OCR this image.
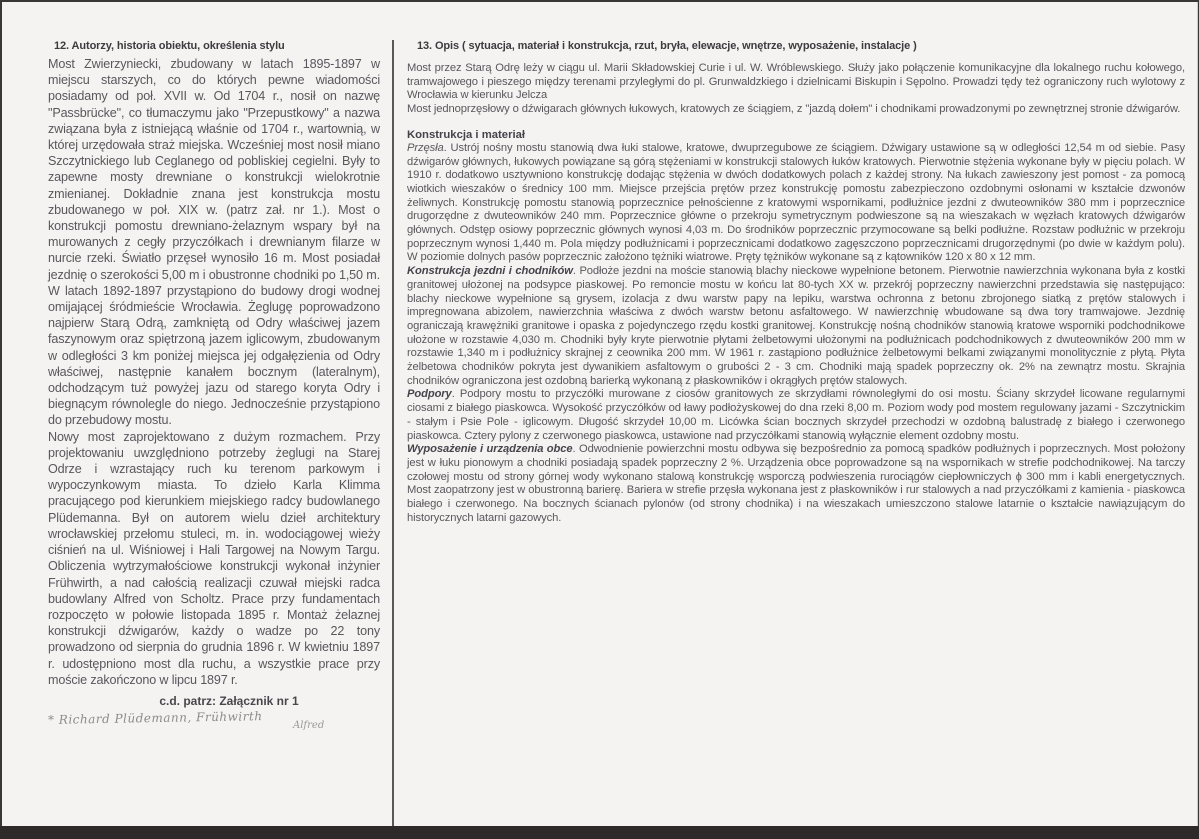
12. Autorzy, historia obiektu, określenia stylu

Most Zwierzyniecki, zbudowany w latach 1895-1897 w miejscu starszych, co do których pewne wiadomości posiadamy od poł. XVII w. Od 1704 r., nosił on nazwę "Passbrücke", co tłumaczymu jako "Przepustkowy" a nazwa związana była z istniejącą właśnie od 1704 r., wartownią, w której urzędowała straż miejska. Wcześniej most nosił miano Szczytnickiego lub Ceglanego od pobliskiej cegielni. Były to zapewne mosty drewniane o konstrukcji wielokrotnie zmienianej. Dokładnie znana jest konstrukcja mostu zbudowanego w poł. XIX w. (patrz zał. nr 1.). Most o konstrukcji pomostu drewniano-żelaznym wspary był na murowanych z cegły przyczółkach i drewnianym filarze w nurcie rzeki. Światło przęseł wynosiło 16 m. Most posiadał jezdnię o szerokości 5,00 m i obustronne chodniki po 1,50 m.

W latach 1892-1897 przystąpiono do budowy drogi wodnej omijającej śródmieście Wrocławia. Żeglugę poprowadzono najpierw Starą Odrą, zamkniętą od Odry właściwej jazem faszynowym oraz spiętrzoną jazem iglicowym, zbudowanym w odległości 3 km poniżej miejsca jej odgałęzienia od Odry właściwej, następnie kanałem bocznym (lateralnym), odchodzącym tuż powyżej jazu od starego koryta Odry i biegnącym równolegle do niego. Jednocześnie przystąpiono do przebudowy mostu.

Nowy most zaprojektowano z dużym rozmachem. Przy projektowaniu uwzględniono potrzeby żeglugi na Starej Odrze i wzrastający ruch ku terenom parkowym i wypoczynkowym miasta. To dzieło Karla Klimma pracującego pod kierunkiem miejskiego radcy budowlanego Plüdemanna. Był on autorem wielu dzieł architektury wrocławskiej przełomu stuleci, m. in. wodociągowej wieży ciśnień na ul. Wiśniowej i Hali Targowej na Nowym Targu. Obliczenia wytrzymałościowe konstrukcji wykonał inżynier Frühwirth, a nad całością realizacji czuwał miejski radca budowlany Alfred von Scholtz. Prace przy fundamentach rozpoczęto w połowie listopada 1895 r. Montaż żelaznej konstrukcji dźwigarów, każdy o wadze po 22 tony prowadzono od sierpnia do grudnia 1896 r. W kwietniu 1897 r. udostępniono most dla ruchu, a wszystkie prace przy moście zakończono w lipcu 1897 r.

c.d. patrz: Załącznik nr 1
* Richard Plüdemann, Frühwirth	Alfred
13. Opis ( sytuacja, materiał i konstrukcja, rzut, bryła, elewacje, wnętrze, wyposażenie, instalacje )

Most przez Starą Odrę leży w ciągu ul. Marii Składowskiej Curie i ul. W. Wróblewskiego. Służy jako połączenie komunikacyjne dla lokalnego ruchu kołowego, tramwajowego i pieszego między terenami przyległymi do pl. Grunwaldzkiego i dzielnicami Biskupin i Sępolno. Prowadzi tędy też ograniczony ruch wylotowy z Wrocławia w kierunku Jelcza

Most jednoprzęsłowy o dźwigarach głównych łukowych, kratowych ze ściągiem, z "jazdą dołem" i chodnikami prowadzonymi po zewnętrznej stronie dźwigarów.

Konstrukcja i materiał

Przęsła. Ustrój nośny mostu stanowią dwa łuki stalowe, kratowe, dwuprzegubowe ze ściągiem. Dźwigary ustawione są w odległości 12,54 m od siebie. Pasy dźwigarów głównych, łukowych powiązane są górą stężeniami w konstrukcji stalowych łuków kratowych. Pierwotnie stężenia wykonane były w pięciu polach. W 1910 r. dodatkowo usztywniono konstrukcję dodając stężenia w dwóch dodatkowych polach z każdej strony. Na łukach zawieszony jest pomost - za pomocą wiotkich wieszaków o średnicy 100 mm. Miejsce przejścia prętów przez konstrukcję pomostu zabezpieczono ozdobnymi osłonami w kształcie dzwonów żeliwnych. Konstrukcję pomostu stanowią poprzecznice pełnościenne z kratowymi wspornikami, podłużnice jezdni z dwuteowników 380 mm i poprzecznice drugorzędne z dwuteowników 240 mm. Poprzecznice główne o przekroju symetrycznym podwieszone są na wieszakach w węzłach kratowych dźwigarów głównych. Odstęp osiowy poprzecznic głównych wynosi 4,03 m. Do środników poprzecznic przymocowane są belki podłużne. Rozstaw podłużnic w przekroju poprzecznym wynosi 1,440 m. Pola między podłużnicami i poprzecznicami dodatkowo zagęszczono poprzecznicami drugorzędnymi (po dwie w każdym polu). W poziomie dolnych pasów poprzecznic założono tężniki wiatrowe. Pręty tężników wykonane są z kątowników 120 x 80 x 12 mm.

Konstrukcja jezdni i chodników. Podłoże jezdni na moście stanowią blachy nieckowe wypełnione betonem. Pierwotnie nawierzchnia wykonana była z kostki granitowej ułożonej na podsypce piaskowej. Po remoncie mostu w końcu lat 80-tych XX w. przekrój poprzeczny nawierzchni przedstawia się następująco: blachy nieckowe wypełnione są grysem, izolacja z dwu warstw papy na lepiku, warstwa ochronna z betonu zbrojonego siatką z prętów stalowych i impregnowana abizolem, nawierzchnia właściwa z dwóch warstw betonu asfaltowego. W nawierzchnię wbudowane są dwa tory tramwajowe. Jezdnię ograniczają krawężniki granitowe i opaska z pojedynczego rzędu kostki granitowej. Konstrukcję nośną chodników stanowią kratowe wsporniki podchodnikowe ułożone w rozstawie 4,030 m. Chodniki były kryte pierwotnie płytami żelbetowymi ułożonymi na podłużnicach podchodnikowych z dwuteowników 200 mm w rozstawie 1,340 m i podłużnicy skrajnej z ceownika 200 mm. W 1961 r. zastąpiono podłużnice żelbetowymi belkami związanymi monolitycznie z płytą. Płyta żelbetowa chodników pokryta jest dywanikiem asfaltowym o grubości 2 - 3 cm. Chodniki mają spadek poprzeczny ok. 2% na zewnątrz mostu. Skrajnia chodników ograniczona jest ozdobną barierką wykonaną z płaskowników i okrągłych prętów stalowych.

Podpory. Podpory mostu to przyczółki murowane z ciosów granitowych ze skrzydłami równoległymi do osi mostu. Ściany skrzydeł licowane regularnymi ciosami z białego piaskowca. Wysokość przyczółków od ławy podłożyskowej do dna rzeki 8,00 m. Poziom wody pod mostem regulowany jazami - Szczytnickim - stałym i Psie Pole - iglicowym. Długość skrzydeł 10,00 m. Licówka ścian bocznych skrzydeł przechodzi w ozdobną balustradę z białego i czerwonego piaskowca. Cztery pylony z czerwonego piaskowca, ustawione nad przyczółkami stanowią wyłącznie element ozdobny mostu.

Wyposażenie i urządzenia obce. Odwodnienie powierzchni mostu odbywa się bezpośrednio za pomocą spadków podłużnych i poprzecznych. Most położony jest w łuku pionowym a chodniki posiadają spadek poprzeczny 2 %. Urządzenia obce poprowadzone są na wspornikach w strefie podchodnikowej. Na tarczy czołowej mostu od strony górnej wody wykonano stalową konstrukcję wsporczą podwieszenia rurociągów ciepłowniczych ϕ 300 mm i kabli energetycznych. Most zaopatrzony jest w obustronną barierę. Bariera w strefie przęsła wykonana jest z płaskowników i rur stalowych a nad przyczółkami z kamienia - piaskowca białego i czerwonego. Na bocznych ścianach pylonów (od strony chodnika) i na wieszakach umieszczono stalowe latarnie o kształcie nawiązującym do historycznych latarni gazowych.
